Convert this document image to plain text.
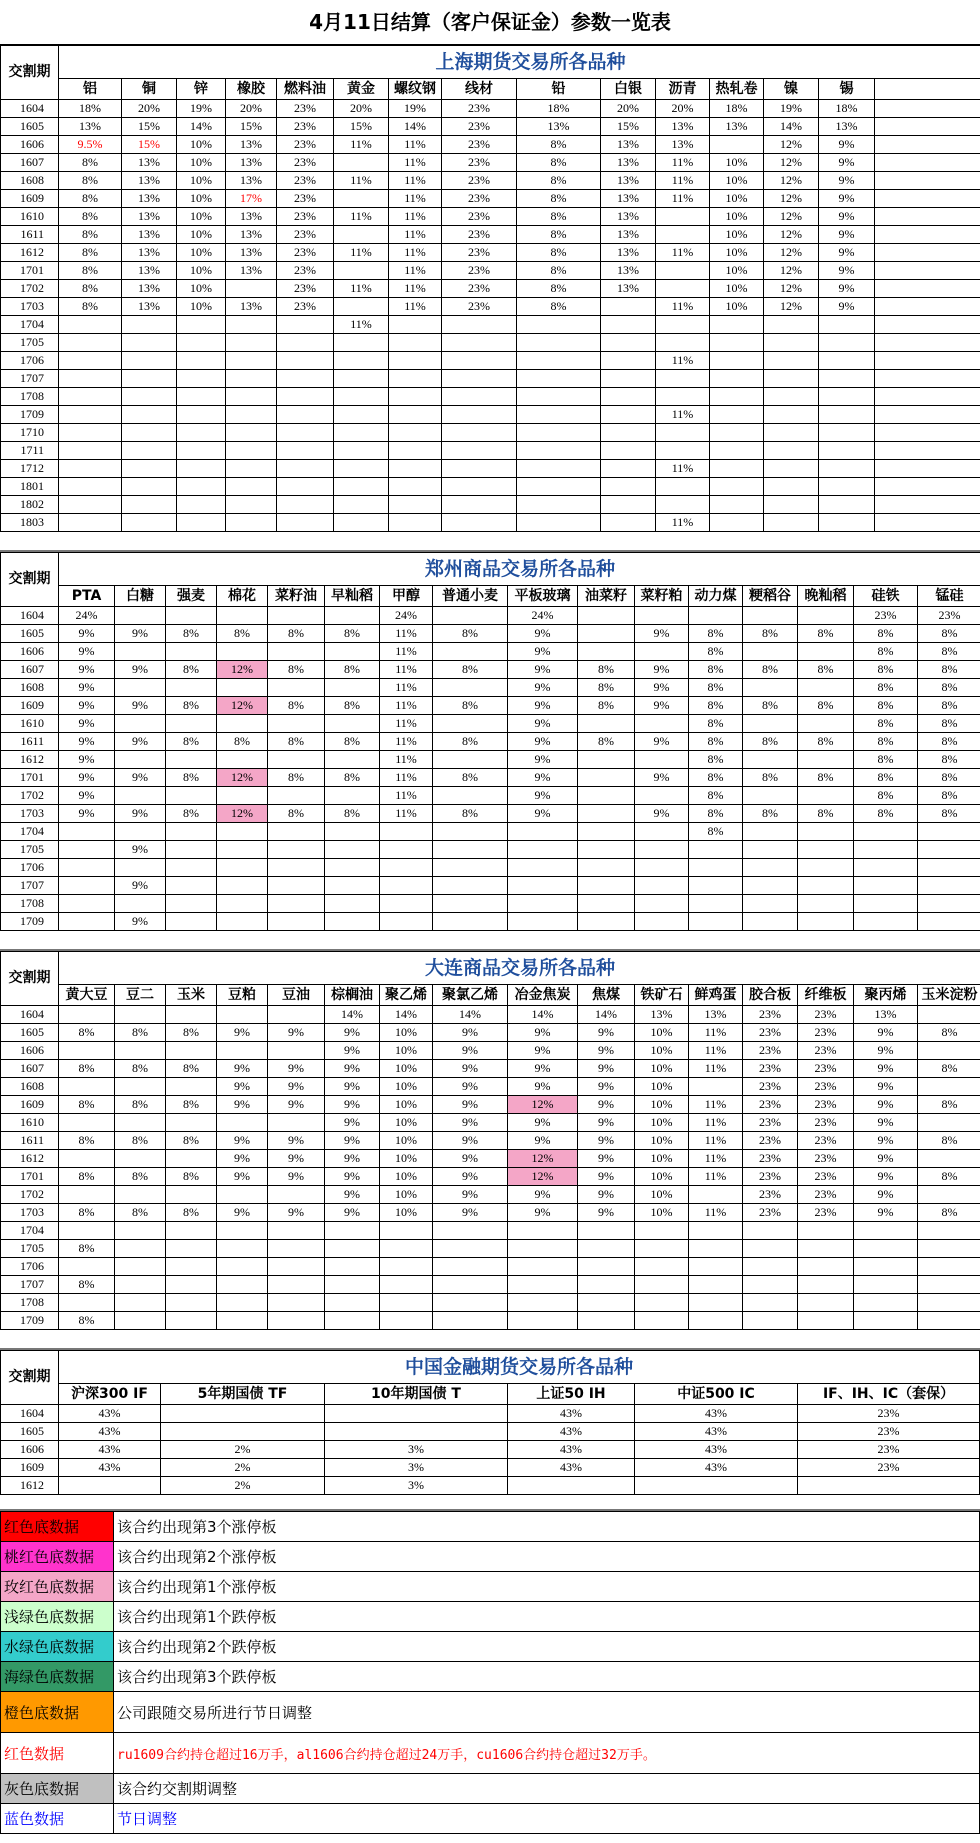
4月11日结算（客户保证金）参数一览表
交割期	上海期货交易所各品种														
	铝	铜	锌	橡胶	燃料油	黄金	螺纹钢	线材	铅	白银	沥青	热轧卷	镍	锡	
1604	18%	20%	19%	20%	23%	20%	19%	23%	18%	20%	20%	18%	19%	18%	
1605	13%	15%	14%	15%	23%	15%	14%	23%	13%	15%	13%	13%	14%	13%	
1606	9.5%	15%	10%	13%	23%	11%	11%	23%	8%	13%	13%		12%	9%	
1607	8%	13%	10%	13%	23%		11%	23%	8%	13%	11%	10%	12%	9%	
1608	8%	13%	10%	13%	23%	11%	11%	23%	8%	13%	11%	10%	12%	9%	
1609	8%	13%	10%	17%	23%		11%	23%	8%	13%	11%	10%	12%	9%	
1610	8%	13%	10%	13%	23%	11%	11%	23%	8%	13%		10%	12%	9%	
1611	8%	13%	10%	13%	23%		11%	23%	8%	13%		10%	12%	9%	
1612	8%	13%	10%	13%	23%	11%	11%	23%	8%	13%	11%	10%	12%	9%	
1701	8%	13%	10%	13%	23%		11%	23%	8%	13%		10%	12%	9%	
1702	8%	13%	10%		23%	11%	11%	23%	8%	13%		10%	12%	9%	
1703	8%	13%	10%	13%	23%		11%	23%	8%		11%	10%	12%	9%	
1704						11%									
1705															
1706											11%				
1707															
1708															
1709											11%				
1710															
1711															
1712											11%				
1801															
1802															
1803											11%				
交割期	郑州商品交易所各品种															
	PTA	白糖	强麦	棉花	菜籽油	早籼稻	甲醇	普通小麦	平板玻璃	油菜籽	菜籽粕	动力煤	粳稻谷	晚籼稻	硅铁	锰硅
1604	24%						24%		24%						23%	23%
1605	9%	9%	8%	8%	8%	8%	11%	8%	9%		9%	8%	8%	8%	8%	8%
1606	9%						11%		9%			8%			8%	8%
1607	9%	9%	8%	12%	8%	8%	11%	8%	9%	8%	9%	8%	8%	8%	8%	8%
1608	9%						11%		9%	8%	9%	8%			8%	8%
1609	9%	9%	8%	12%	8%	8%	11%	8%	9%	8%	9%	8%	8%	8%	8%	8%
1610	9%						11%		9%			8%			8%	8%
1611	9%	9%	8%	8%	8%	8%	11%	8%	9%	8%	9%	8%	8%	8%	8%	8%
1612	9%						11%		9%			8%			8%	8%
1701	9%	9%	8%	12%	8%	8%	11%	8%	9%		9%	8%	8%	8%	8%	8%
1702	9%						11%		9%			8%			8%	8%
1703	9%	9%	8%	12%	8%	8%	11%	8%	9%		9%	8%	8%	8%	8%	8%
1704												8%				
1705		9%														
1706																
1707		9%														
1708																
1709		9%														
交割期	大连商品交易所各品种															
	黄大豆	豆二	玉米	豆粕	豆油	棕榈油	聚乙烯	聚氯乙烯	冶金焦炭	焦煤	铁矿石	鲜鸡蛋	胶合板	纤维板	聚丙烯	玉米淀粉
1604						14%	14%	14%	14%	14%	13%	13%	23%	23%	13%	
1605	8%	8%	8%	9%	9%	9%	10%	9%	9%	9%	10%	11%	23%	23%	9%	8%
1606						9%	10%	9%	9%	9%	10%	11%	23%	23%	9%	
1607	8%	8%	8%	9%	9%	9%	10%	9%	9%	9%	10%	11%	23%	23%	9%	8%
1608				9%	9%	9%	10%	9%	9%	9%	10%		23%	23%	9%	
1609	8%	8%	8%	9%	9%	9%	10%	9%	12%	9%	10%	11%	23%	23%	9%	8%
1610						9%	10%	9%	9%	9%	10%	11%	23%	23%	9%	
1611	8%	8%	8%	9%	9%	9%	10%	9%	9%	9%	10%	11%	23%	23%	9%	8%
1612				9%	9%	9%	10%	9%	12%	9%	10%	11%	23%	23%	9%	
1701	8%	8%	8%	9%	9%	9%	10%	9%	12%	9%	10%	11%	23%	23%	9%	8%
1702						9%	10%	9%	9%	9%	10%		23%	23%	9%	
1703	8%	8%	8%	9%	9%	9%	10%	9%	9%	9%	10%	11%	23%	23%	9%	8%
1704																
1705	8%															
1706																
1707	8%															
1708																
1709	8%															
交割期	中国金融期货交易所各品种					
	沪深300 IF	5年期国债 TF	10年期国债 T	上证50 IH	中证500 IC	IF、IH、IC（套保）
1604	43%			43%	43%	23%
1605	43%			43%	43%	23%
1606	43%	2%	3%	43%	43%	23%
1609	43%	2%	3%	43%	43%	23%
1612		2%	3%			
红色底数据	该合约出现第3个涨停板
桃红色底数据	该合约出现第2个涨停板
玫红色底数据	该合约出现第1个涨停板
浅绿色底数据	该合约出现第1个跌停板
水绿色底数据	该合约出现第2个跌停板
海绿色底数据	该合约出现第3个跌停板
橙色底数据	公司跟随交易所进行节日调整
红色数据	ru1609合约持仓超过16万手，al1606合约持仓超过24万手，cu1606合约持仓超过32万手。
灰色底数据	该合约交割期调整
蓝色数据	节日调整
